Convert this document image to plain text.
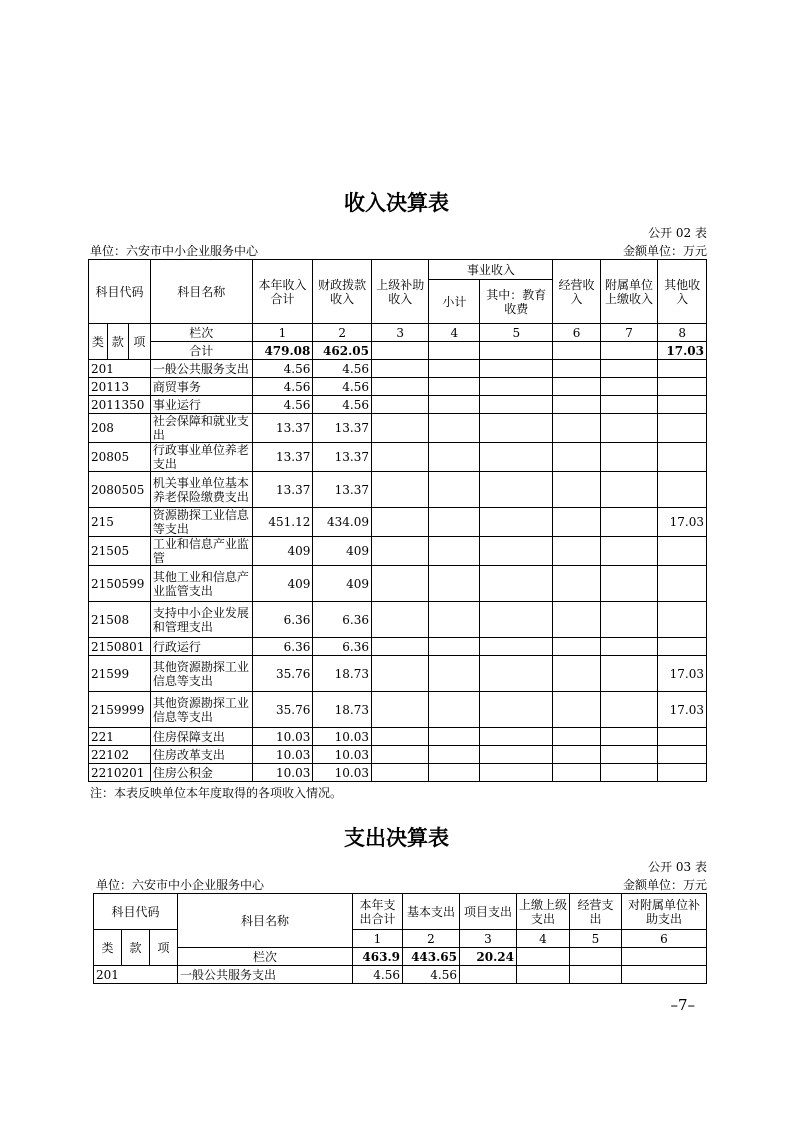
收入决算表
公开 02 表
单位：六安市中小企业服务中心	金额单位：万元
科目代码			科目名称	本年收入合计	财政拨款收入	上级补助收入	事业收入		经营收入	附属单位上缴收入	其他收入
							小计	其中：教育收费			
类	款	项	栏次	1	2	3	4	5	6	7	8
			合计	479.08	462.05						17.03
201			一般公共服务支出	4.56	4.56						
20113			商贸事务	4.56	4.56						
2011350			事业运行	4.56	4.56						
208			社会保障和就业支出	13.37	13.37						
20805			行政事业单位养老支出	13.37	13.37						
2080505			机关事业单位基本养老保险缴费支出	13.37	13.37						
215			资源勘探工业信息等支出	451.12	434.09						17.03
21505			工业和信息产业监管	409	409						
2150599			其他工业和信息产业监管支出	409	409						
21508			支持中小企业发展和管理支出	6.36	6.36						
2150801			行政运行	6.36	6.36						
21599			其他资源勘探工业信息等支出	35.76	18.73						17.03
2159999			其他资源勘探工业信息等支出	35.76	18.73						17.03
221			住房保障支出	10.03	10.03						
22102			住房改革支出	10.03	10.03						
2210201			住房公积金	10.03	10.03						
注：本表反映单位本年度取得的各项收入情况。
支出决算表
公开 03 表
单位：六安市中小企业服务中心	金额单位：万元
科目代码			科目名称	本年支出合计	基本支出	项目支出	上缴上级支出	经营支出	对附属单位补助支出
类	款	项		1	2	3	4	5	6
			栏次	463.9	443.65	20.24			
201			一般公共服务支出	4.56	4.56				
–7–
